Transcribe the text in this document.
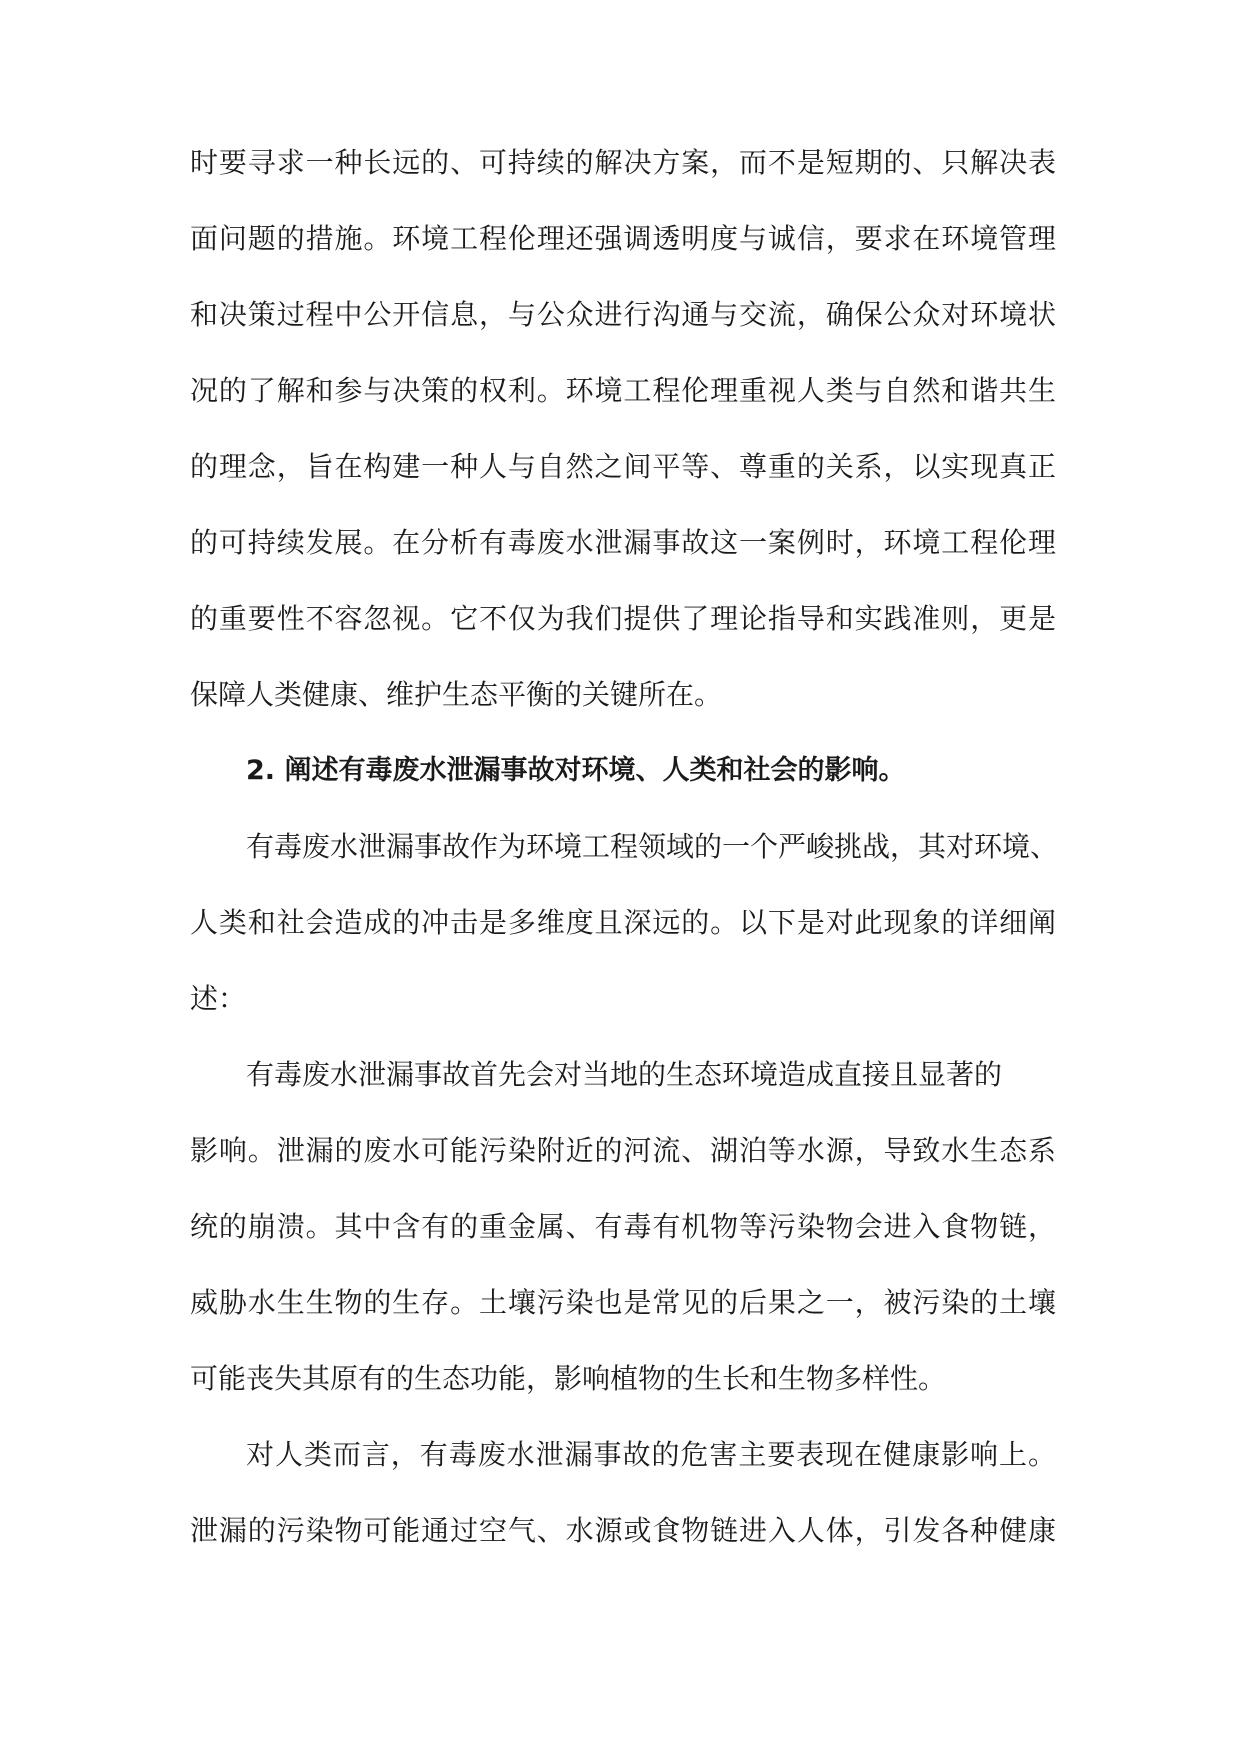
时要寻求一种长远的、可持续的解决方案，而不是短期的、只解决表

面问题的措施。环境工程伦理还强调透明度与诚信，要求在环境管理

和决策过程中公开信息，与公众进行沟通与交流，确保公众对环境状

况的了解和参与决策的权利。环境工程伦理重视人类与自然和谐共生

的理念，旨在构建一种人与自然之间平等、尊重的关系，以实现真正

的可持续发展。在分析有毒废水泄漏事故这一案例时，环境工程伦理

的重要性不容忽视。它不仅为我们提供了理论指导和实践准则，更是

保障人类健康、维护生态平衡的关键所在。

2. 阐述有毒废水泄漏事故对环境、人类和社会的影响。

有毒废水泄漏事故作为环境工程领域的一个严峻挑战，其对环境、

人类和社会造成的冲击是多维度且深远的。以下是对此现象的详细阐

述：

有毒废水泄漏事故首先会对当地的生态环境造成直接且显著的

影响。泄漏的废水可能污染附近的河流、湖泊等水源，导致水生态系

统的崩溃。其中含有的重金属、有毒有机物等污染物会进入食物链，

威胁水生生物的生存。土壤污染也是常见的后果之一，被污染的土壤

可能丧失其原有的生态功能，影响植物的生长和生物多样性。

对人类而言，有毒废水泄漏事故的危害主要表现在健康影响上。

泄漏的污染物可能通过空气、水源或食物链进入人体，引发各种健康
